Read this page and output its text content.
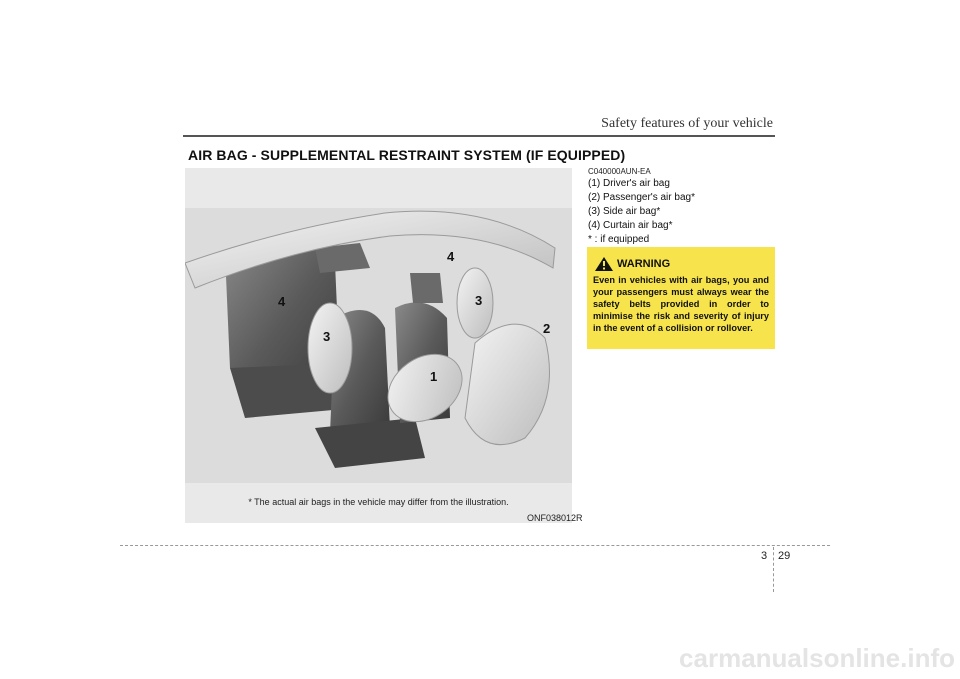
Safety features of your vehicle
AIR BAG - SUPPLEMENTAL RESTRAINT SYSTEM (IF EQUIPPED)
1
2
3
3
4
4
* The actual air bags in the vehicle may differ from the illustration.
ONF038012R
C040000AUN-EA
(1) Driver's air bag
(2) Passenger's air bag*
(3) Side air bag*
(4) Curtain air bag*
* : if equipped
WARNING
Even in vehicles with air bags, you and your passengers must always wear the safety belts provided in order to minimise the risk and severity of injury in the event of a collision or rollover.
3 29
carmanualsonline.info
